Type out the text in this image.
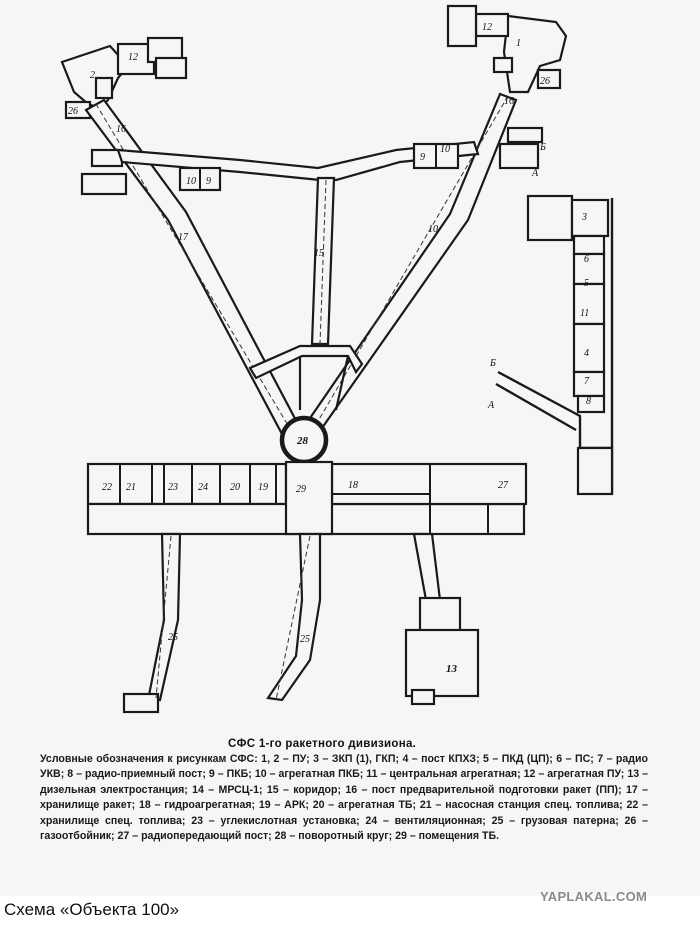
1
2
12
12
26
26
16
16
10 9
9
10
17
15
10
28
22 21	23 24 20 19	29	18	27
25	25
13
3
6
5
11
4
7
8
Б
А
Б
А
СФС 1-го ракетного дивизиона.
Условные обозначения к рисункам СФС: 1, 2 – ПУ; 3 – ЗКП (1), ГКП; 4 – пост КПХЗ; 5 – ПКД (ЦП); 6 – ПС; 7 – радио УКВ; 8 – радио-приемный пост; 9 – ПКБ; 10 – агрегатная ПКБ; 11 – центральная агрегатная; 12 – агрегатная ПУ; 13 – дизельная электростанция; 14 – МРСЦ-1; 15 – коридор; 16 – пост предварительной подготовки ракет (ПП); 17 – хранилище ракет; 18 – гидроагрегатная; 19 – АРК; 20 – агрегатная ТБ; 21 – насосная станция спец. топлива; 22 – хранилище спец. топлива; 23 – углекислотная установка; 24 – вентиляционная; 25 – грузовая патерна; 26 – газоотбойник; 27 – радиопередающий пост; 28 – поворотный круг; 29 – помещения ТБ.
YAPLAKAL.COM
Схема «Объекта 100»
